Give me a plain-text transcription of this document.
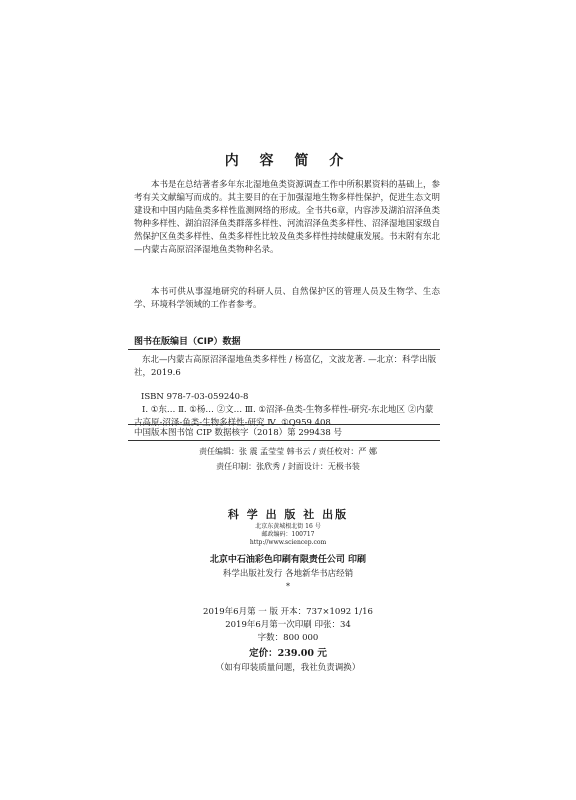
内 容 简 介

本书是在总结著者多年东北湿地鱼类资源调查工作中所积累资料的基础上，参考有关文献编写而成的。其主要目的在于加强湿地生物多样性保护，促进生态文明建设和中国内陆鱼类多样性监测网络的形成。全书共6章，内容涉及湖泊沼泽鱼类物种多样性、湖泊沼泽鱼类群落多样性、河流沼泽鱼类多样性、沼泽湿地国家级自然保护区鱼类多样性、鱼类多样性比较及鱼类多样性持续健康发展。书末附有东北—内蒙古高原沼泽湿地鱼类物种名录。

本书可供从事湿地研究的科研人员、自然保护区的管理人员及生物学、生态学、环境科学领域的工作者参考。

图书在版编目（CIP）数据

东北—内蒙古高原沼泽湿地鱼类多样性 / 杨富亿，文波龙著. —北京：科学出版社，2019.6

ISBN 978-7-03-059240-8

Ⅰ. ①东… Ⅱ. ①杨… ②文… Ⅲ. ①沼泽-鱼类-生物多样性-研究-东北地区 ②内蒙古高原-沼泽-鱼类-生物多样性-研究 Ⅳ. ①Q959.408

中国版本图书馆 CIP 数据核字（2018）第 299438 号

责任编辑：张 震 孟莹莹 韩书云 / 责任校对：严 娜
责任印制：张欣秀 / 封面设计：无极书装
科 学 出 版 社 出版
北京东黄城根北街 16 号
邮政编码：100717
http://www.sciencep.com
北京中石油彩色印刷有限责任公司 印刷
科学出版社发行 各地新华书店经销
*
2019年6月第 一 版 开本：737×1092 1/16
2019年6月第一次印刷 印张：34
字数：800 000
定价：239.00 元
（如有印装质量问题，我社负责调换）
